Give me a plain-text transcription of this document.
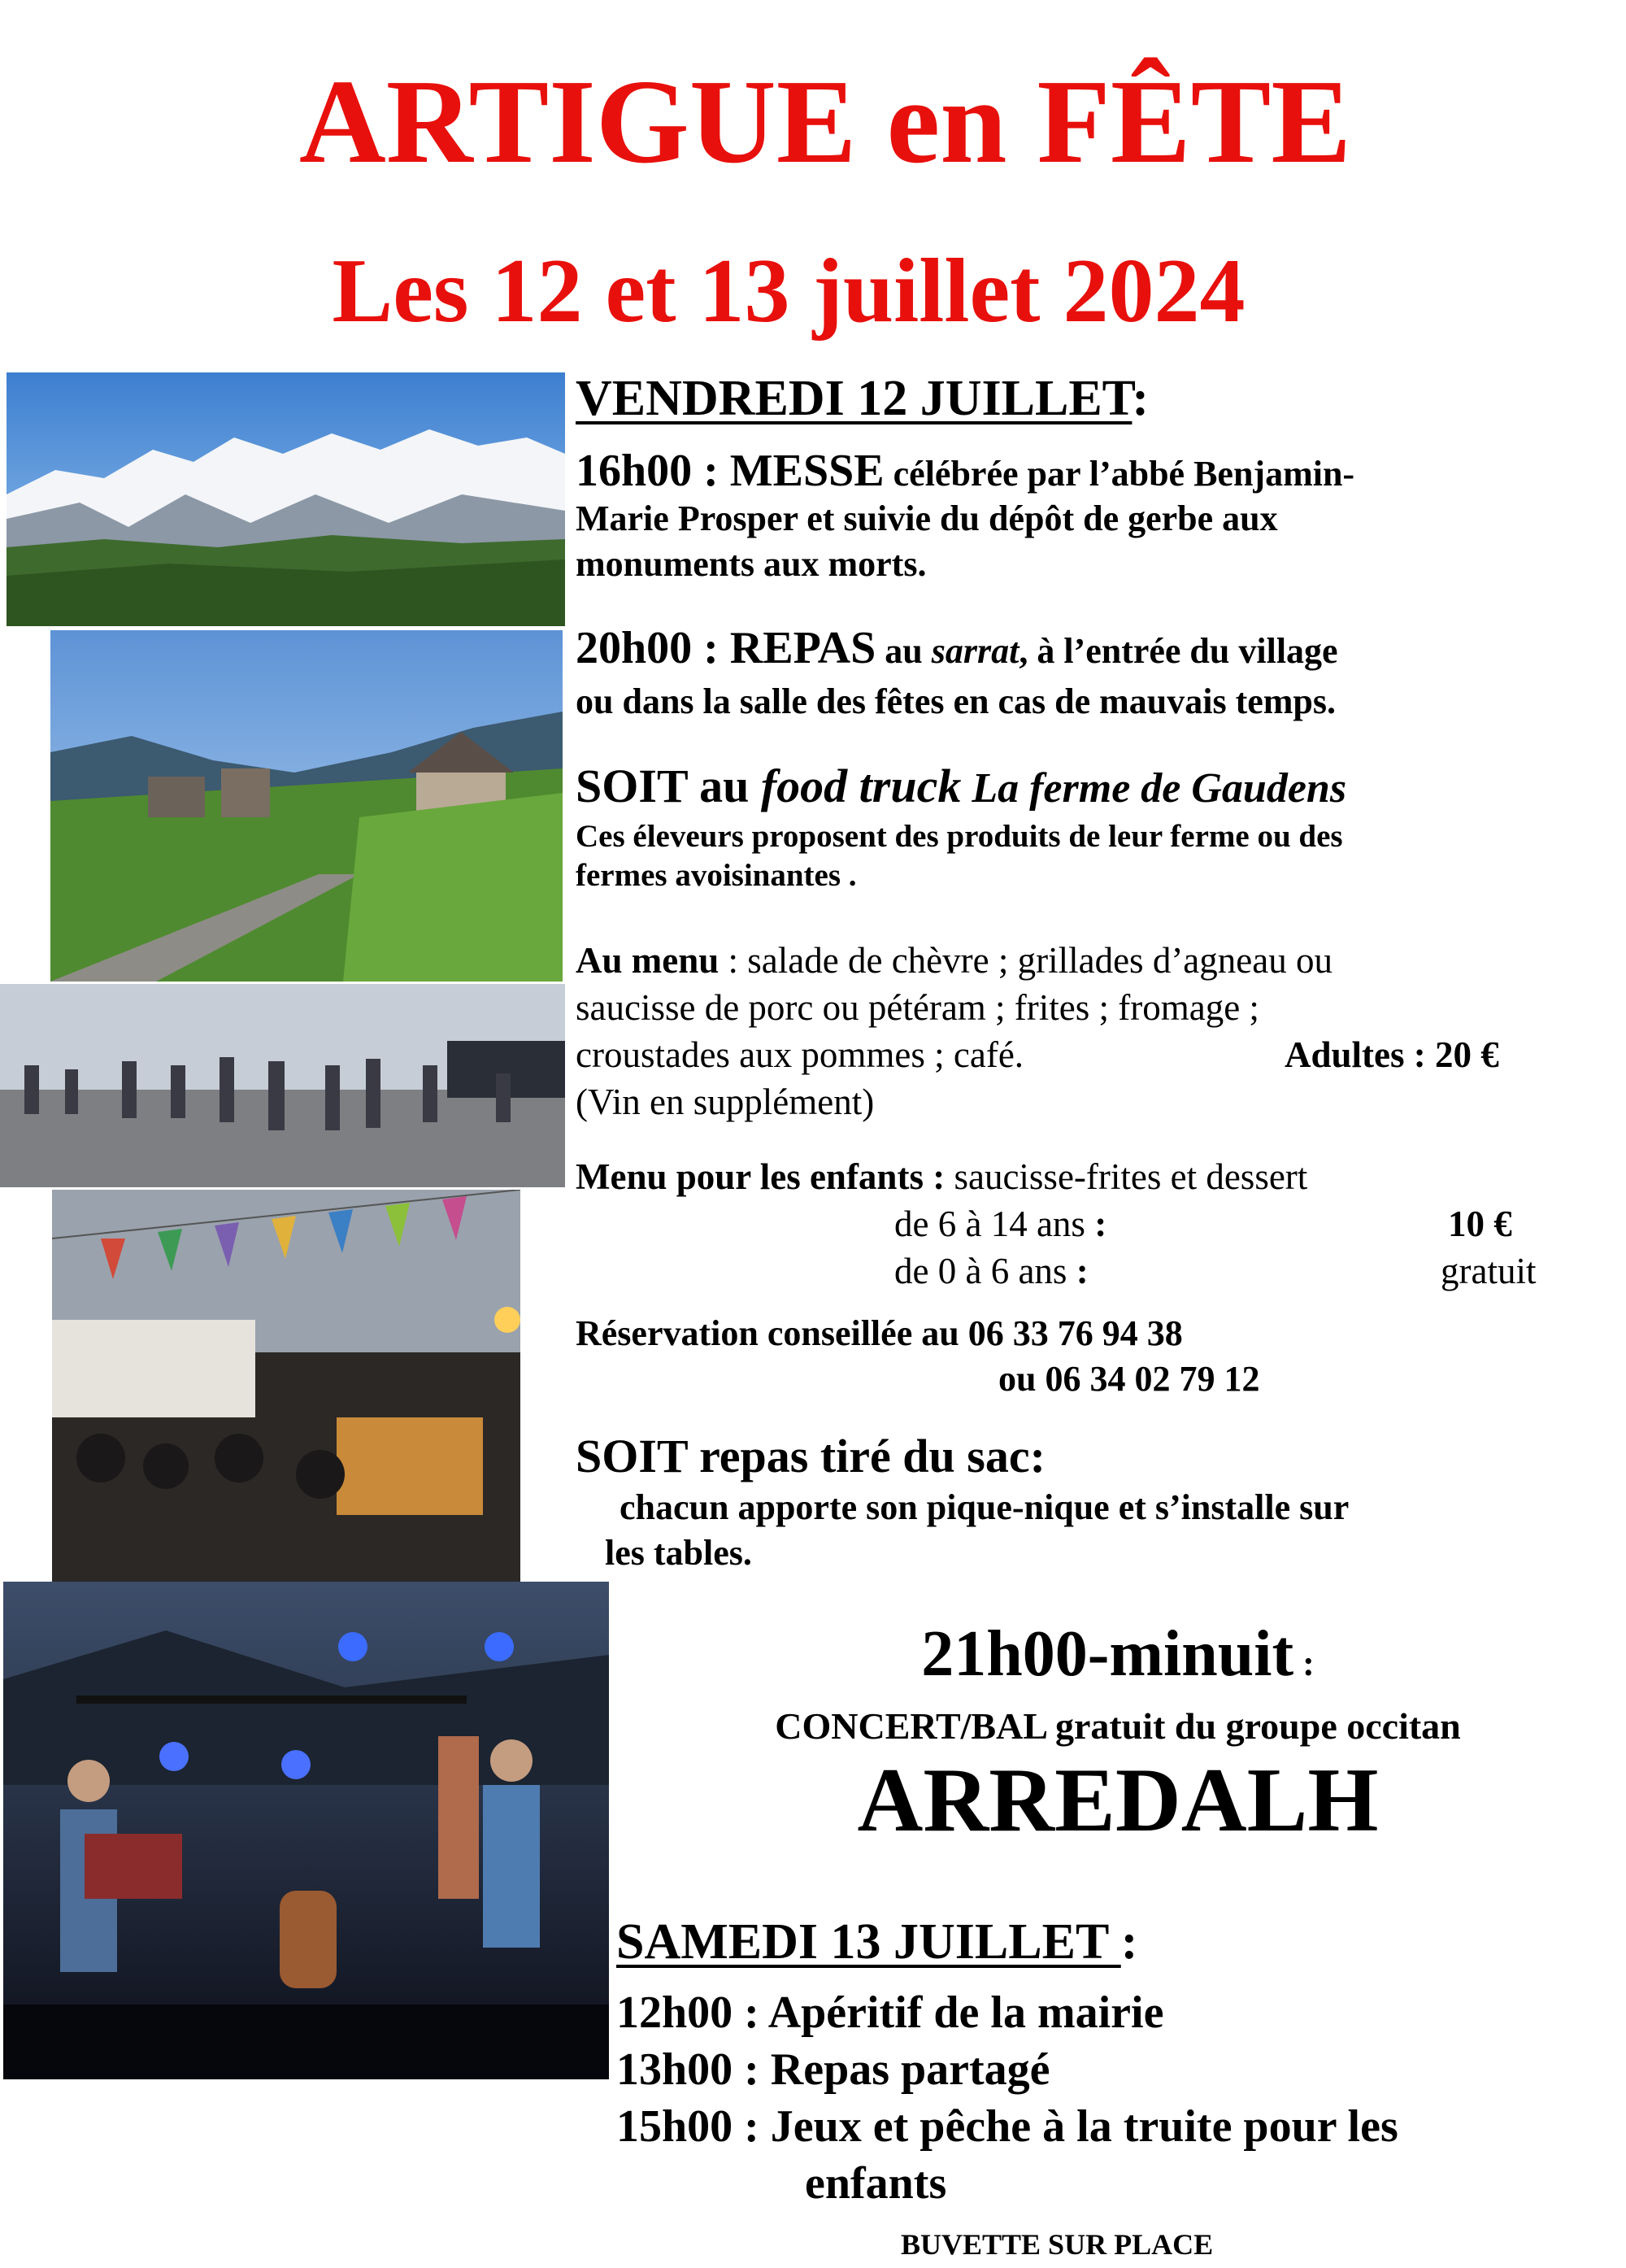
ARTIGUE en FÊTE
Les 12 et 13 juillet 2024
VENDREDI 12 JUILLET:
16h00 : MESSE célébrée par l’abbé Benjamin-
Marie Prosper et suivie du dépôt de gerbe aux
monuments aux morts.
20h00 : REPAS au sarrat, à l’entrée du village
ou dans la salle des fêtes en cas de mauvais temps.
SOIT au food truck La ferme de Gaudens
Ces éleveurs proposent des produits de leur ferme ou des
fermes avoisinantes .
Au menu : salade de chèvre ; grillades d’agneau ou
saucisse de porc ou pétéram ; frites ; fromage ;
croustades aux pommes ; café.	Adultes : 20 €
(Vin en supplément)
Menu pour les enfants : saucisse-frites et dessert
de 6 à 14 ans :	10 €
de 0 à 6 ans :	gratuit
Réservation conseillée au 06 33 76 94 38
ou 06 34 02 79 12
SOIT repas tiré du sac:
chacun apporte son pique-nique et s’installe sur
les tables.
21h00-minuit :
CONCERT/BAL gratuit du groupe occitan
ARREDALH
SAMEDI 13 JUILLET :
12h00 : Apéritif de la mairie
13h00 : Repas partagé
15h00 : Jeux et pêche à la truite pour les
enfants
BUVETTE SUR PLACE
